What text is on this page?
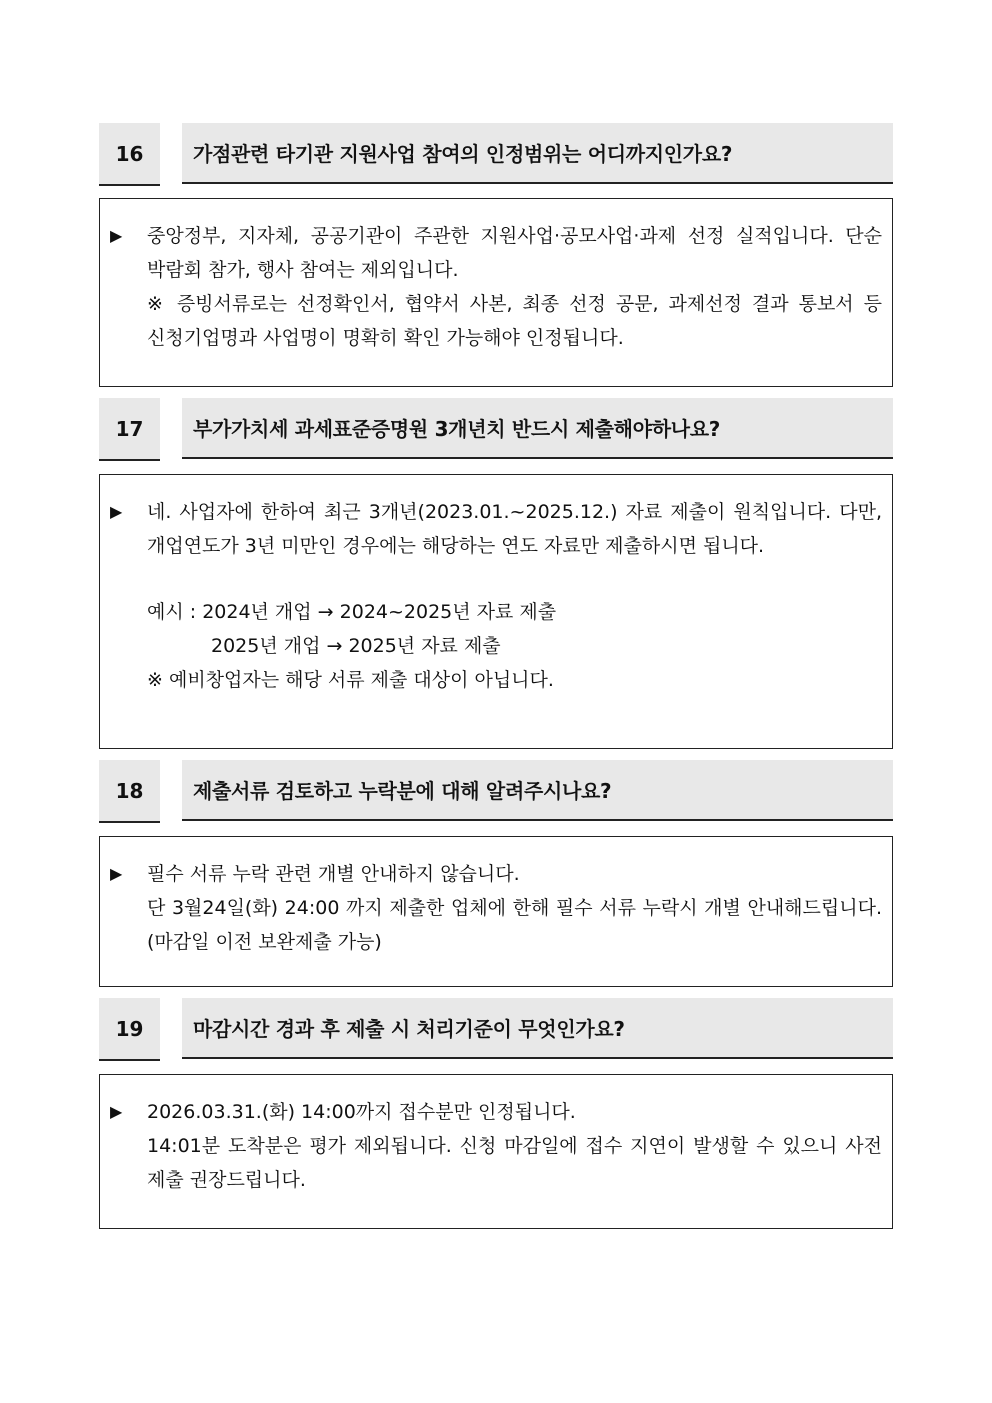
16	가점관련 타기관 지원사업 참여의 인정범위는 어디까지인가요?
▶	중앙정부, 지자체, 공공기관이 주관한 지원사업·공모사업·과제 선정 실적입니다. 단순 박람회 참가, 행사 참여는 제외입니다.

※ 증빙서류로는 선정확인서, 협약서 사본, 최종 선정 공문, 과제선정 결과 통보서 등 신청기업명과 사업명이 명확히 확인 가능해야 인정됩니다.

17	부가가치세 과세표준증명원 3개년치 반드시 제출해야하나요?
▶	네. 사업자에 한하여 최근 3개년(2023.01.~2025.12.) 자료 제출이 원칙입니다. 다만, 개업연도가 3년 미만인 경우에는 해당하는 연도 자료만 제출하시면 됩니다.

예시 : 2024년 개업 → 2024~2025년 자료 제출

2025년 개업 → 2025년 자료 제출

※ 예비창업자는 해당 서류 제출 대상이 아닙니다.

18	제출서류 검토하고 누락분에 대해 알려주시나요?
▶	필수 서류 누락 관련 개별 안내하지 않습니다.

단 3월24일(화) 24:00 까지 제출한 업체에 한해 필수 서류 누락시 개별 안내해드립니다.(마감일 이전 보완제출 가능)

19	마감시간 경과 후 제출 시 처리기준이 무엇인가요?
▶	2026.03.31.(화) 14:00까지 접수분만 인정됩니다.

14:01분 도착분은 평가 제외됩니다. 신청 마감일에 접수 지연이 발생할 수 있으니 사전 제출 권장드립니다.
